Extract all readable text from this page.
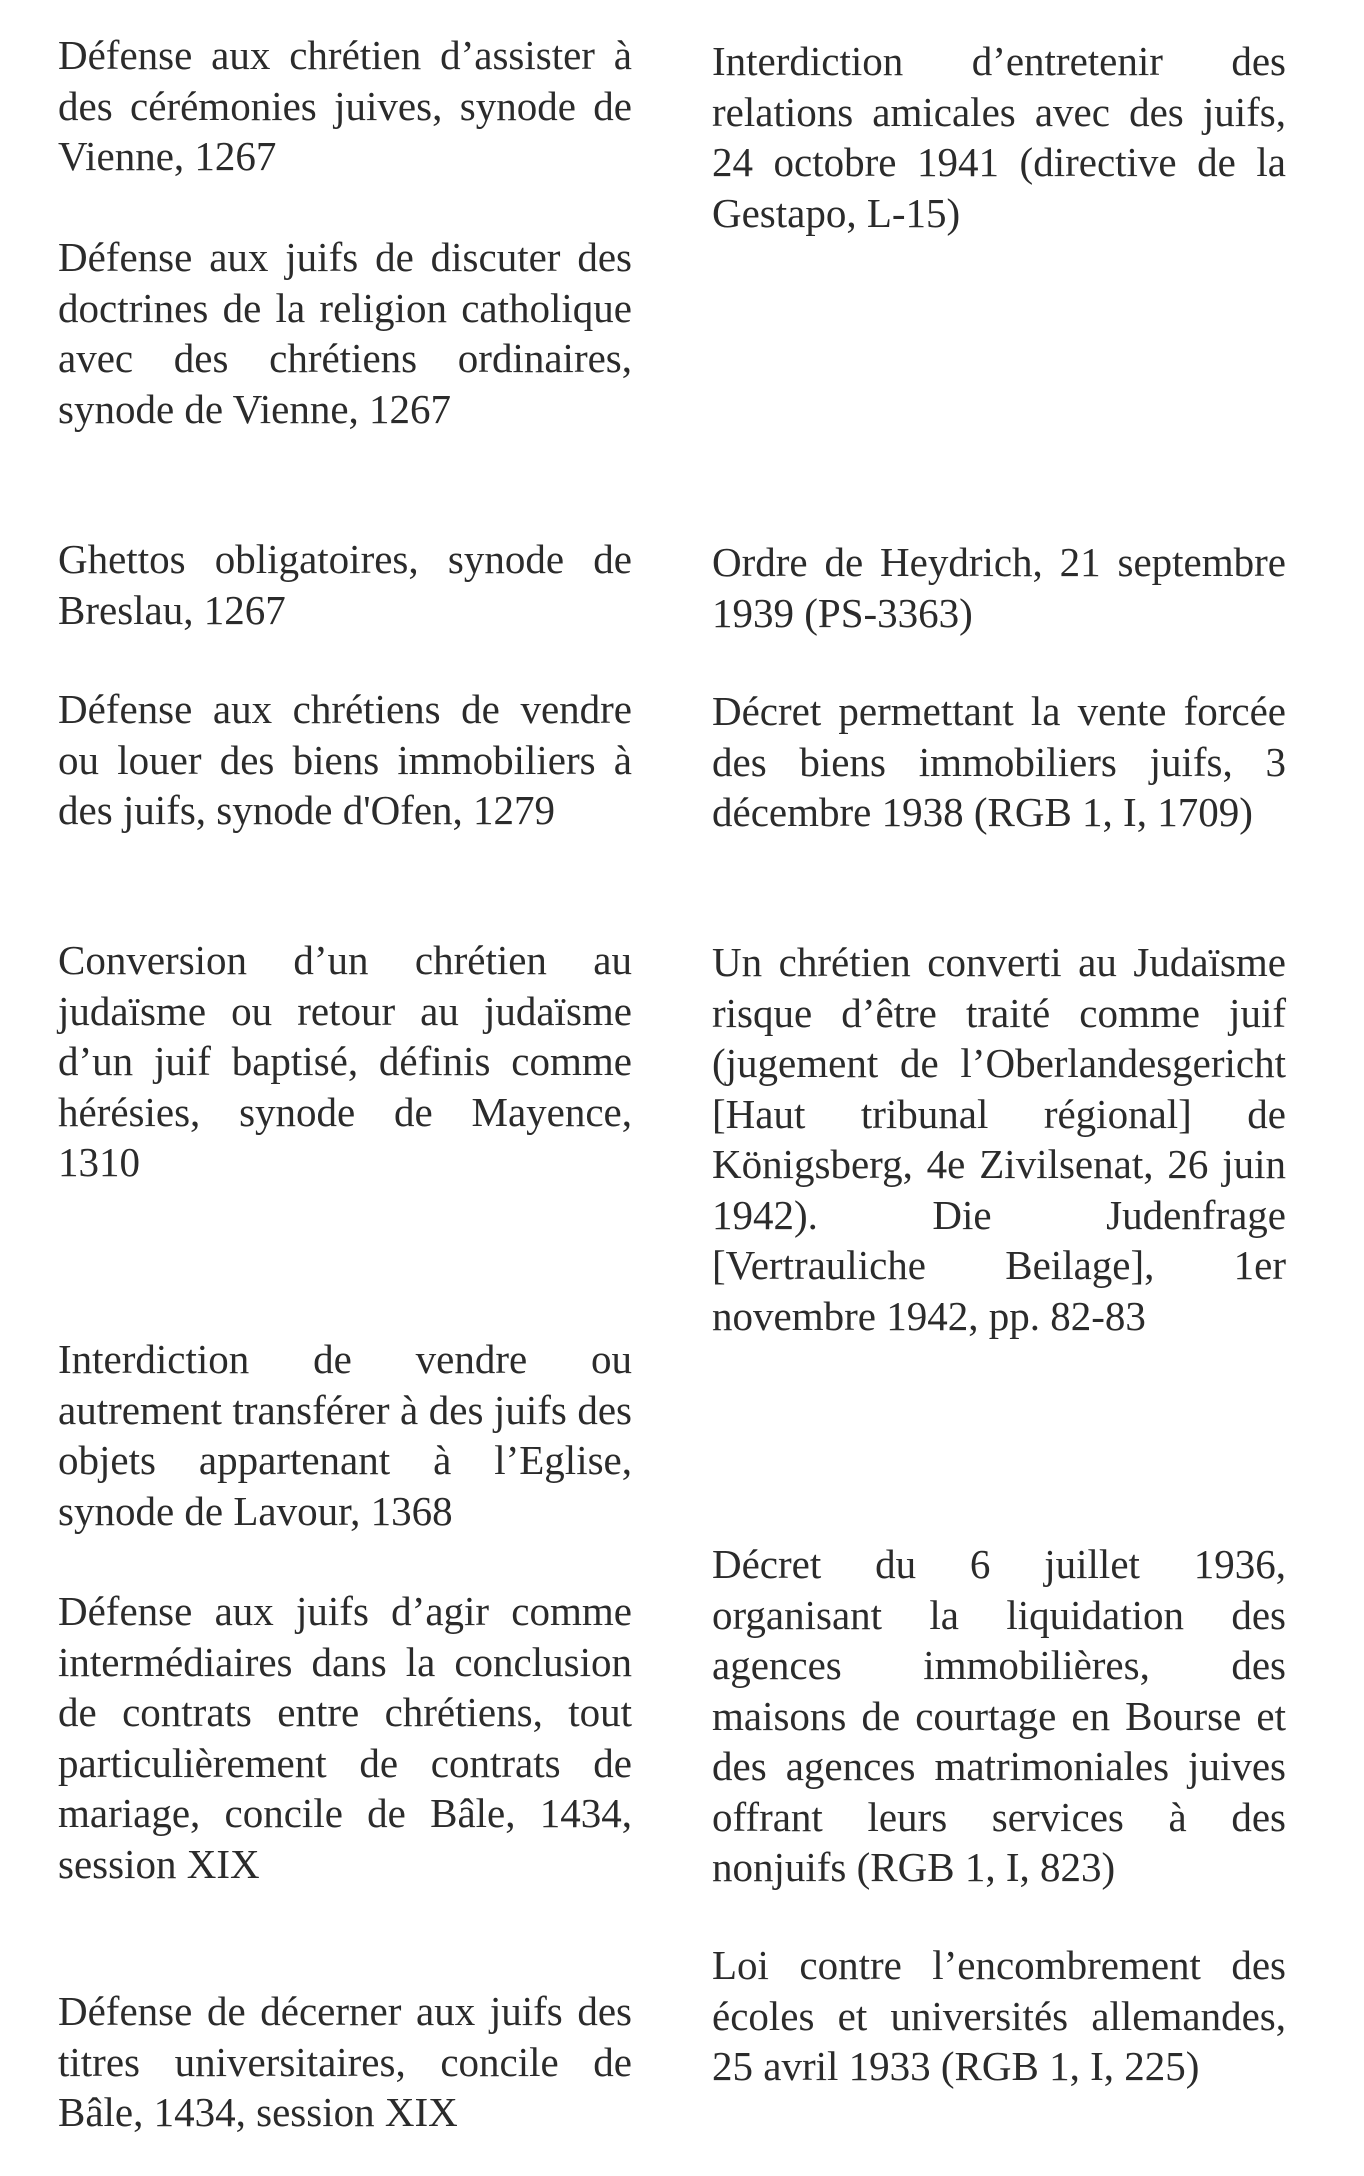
Défense aux chrétien d’assister à des cérémonies juives, synode de Vienne, 1267

Défense aux juifs de discuter des doctrines de la religion catholique avec des chrétiens ordinaires, synode de Vienne, 1267

Ghettos obligatoires, synode de Breslau, 1267

Défense aux chrétiens de vendre ou louer des biens immobiliers à des juifs, synode d'Ofen, 1279

Conversion d’un chrétien au judaïsme ou retour au judaïsme d’un juif baptisé, définis comme hérésies, synode de Mayence, 1310

Interdiction de vendre ou autrement transférer à des juifs des objets appartenant à l’Eglise, synode de Lavour, 1368

Défense aux juifs d’agir comme intermédiaires dans la conclusion de contrats entre chrétiens, tout particulièrement de contrats de mariage, concile de Bâle, 1434, session XIX

Défense de décerner aux juifs des titres universitaires, concile de Bâle, 1434, session XIX

Interdiction d’entretenir des relations amicales avec des juifs, 24 octobre 1941 (directive de la Gestapo, L-15)

Ordre de Heydrich, 21 septembre 1939 (PS-3363)

Décret permettant la vente forcée des biens immobiliers juifs, 3 décembre 1938 (RGB 1, I, 1709)

Un chrétien converti au Judaïsme risque d’être traité comme juif (jugement de l’Oberlandesgericht [Haut tribunal régional] de Königsberg, 4e Zivilsenat, 26 juin 1942). Die Judenfrage [Vertrauliche Beilage], 1er novembre 1942, pp. 82-83

Décret du 6 juillet 1936, organisant la liquidation des agences immobilières, des maisons de courtage en Bourse et des agences matrimoniales juives offrant leurs services à des nonjuifs (RGB 1, I, 823)

Loi contre l’encombrement des écoles et universités allemandes, 25 avril 1933 (RGB 1, I, 225)
